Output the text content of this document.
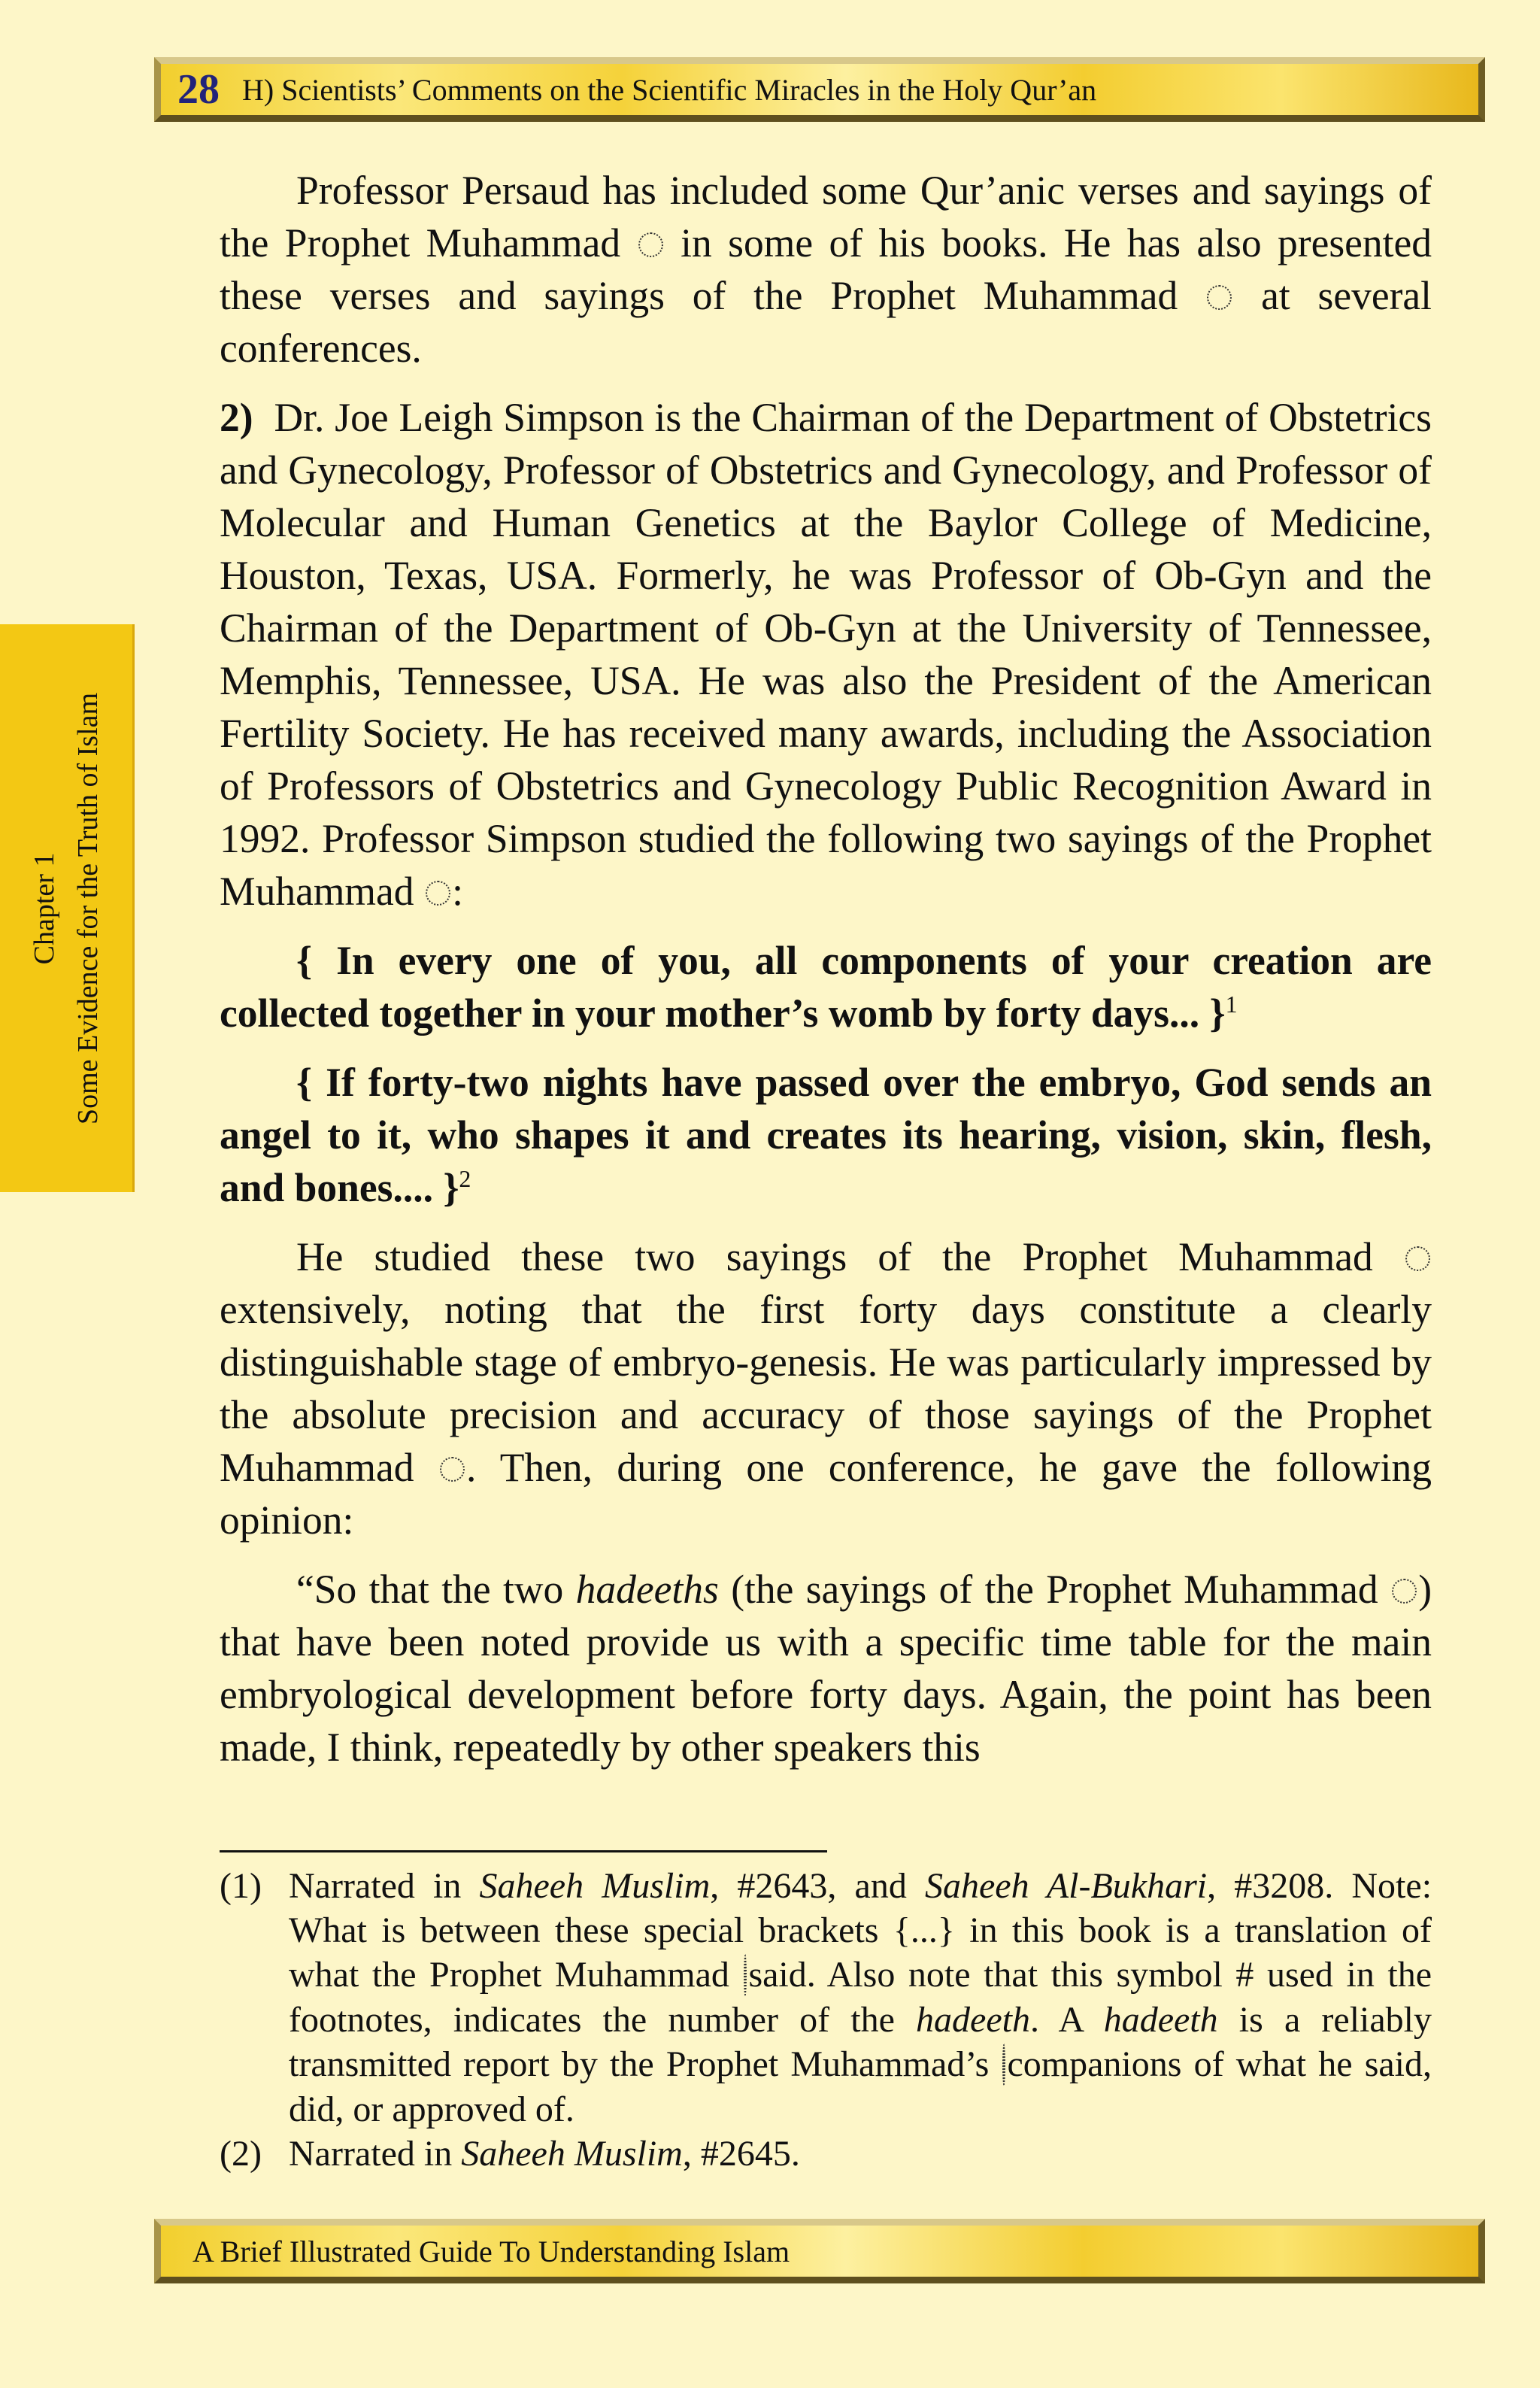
28 H) Scientists’ Comments on the Scientific Miracles in the Holy Qur’an
Chapter 1 Some Evidence for the Truth of Islam

Professor Persaud has included some Qur’anic verses and sayings of the Prophet Muhammad in some of his books. He has also presented these verses and sayings of the Prophet Muhammad at several conferences.

2) Dr. Joe Leigh Simpson is the Chairman of the Department of Obstetrics and Gynecology, Professor of Obstetrics and Gynecology, and Professor of Molecular and Human Genetics at the Baylor College of Medicine, Houston, Texas, USA. Formerly, he was Professor of Ob-Gyn and the Chairman of the Department of Ob-Gyn at the University of Tennessee, Memphis, Tennessee, USA. He was also the President of the American Fertility Society. He has received many awards, including the Association of Professors of Obstetrics and Gynecology Public Recognition Award in 1992. Professor Simpson studied the following two sayings of the Prophet Muhammad :

{ In every one of you, all components of your creation are collected together in your mother’s womb by forty days... }$^1$

{ If forty-two nights have passed over the embryo, God sends an angel to it, who shapes it and creates its hearing, vision, skin, flesh, and bones.... }$^2$

He studied these two sayings of the Prophet Muhammad  extensively, noting that the first forty days constitute a clearly distinguishable stage of embryo-genesis. He was particularly impressed by the absolute precision and accuracy of those sayings of the Prophet Muhammad . Then, during one conference, he gave the following opinion:

“So that the two hadeeths (the sayings of the Prophet Muhammad ) that have been noted provide us with a specific time table for the main embryological development before forty days. Again, the point has been made, I think, repeatedly by other speakers this

(1) Narrated in Saheeh Muslim, #2643, and Saheeh Al-Bukhari, #3208. Note: What is between these special brackets {...} in this book is a translation of what the Prophet Muhammad said. Also note that this symbol # used in the footnotes, indicates the number of the hadeeth. A hadeeth is a reliably transmitted report by the Prophet Muhammad’s companions of what he said, did, or approved of.
(2) Narrated in Saheeh Muslim, #2645.
A Brief Illustrated Guide To Understanding Islam
